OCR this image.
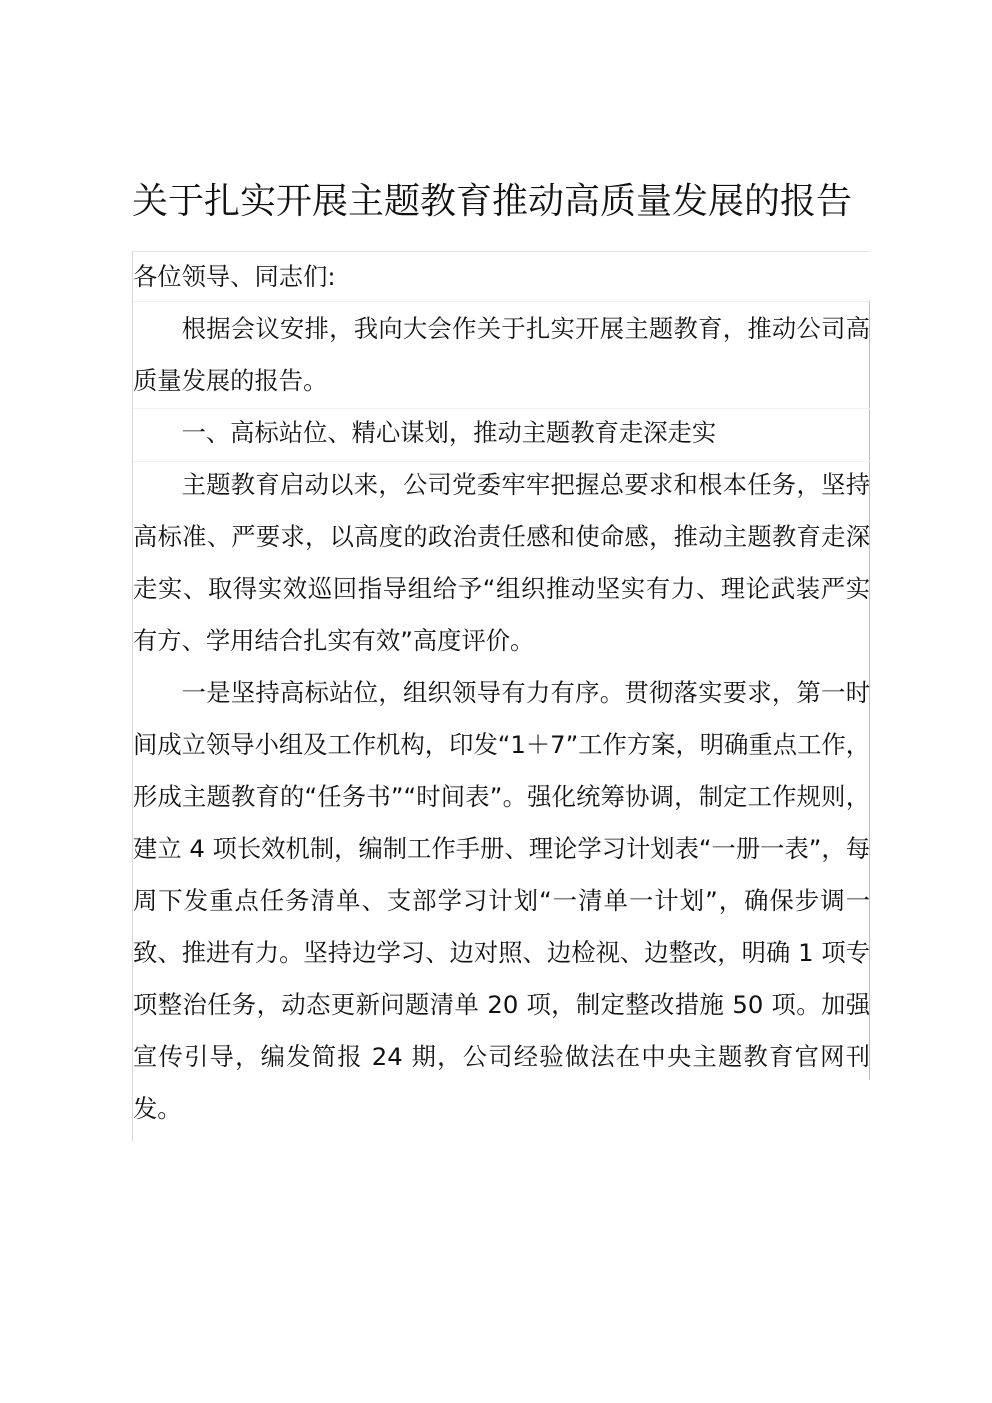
关于扎实开展主题教育推动高质量发展的报告

各位领导、同志们:

根据会议安排，我向大会作关于扎实开展主题教育，推动公司高质量发展的报告。

一、高标站位、精心谋划，推动主题教育走深走实

主题教育启动以来，公司党委牢牢把握总要求和根本任务，坚持高标准、严要求，以高度的政治责任感和使命感，推动主题教育走深走实、取得实效巡回指导组给予“组织推动坚实有力、理论武装严实有方、学用结合扎实有效”高度评价。

一是坚持高标站位，组织领导有力有序。贯彻落实要求，第一时间成立领导小组及工作机构，印发“1＋7”工作方案，明确重点工作，形成主题教育的“任务书”“时间表”。强化统筹协调，制定工作规则，建立 4 项长效机制，编制工作手册、理论学习计划表“一册一表”，每周下发重点任务清单、支部学习计划“一清单一计划”，确保步调一致、推进有力。坚持边学习、边对照、边检视、边整改，明确 1 项专项整治任务，动态更新问题清单 20 项，制定整改措施 50 项。加强宣传引导，编发简报 24 期，公司经验做法在中央主题教育官网刊发。
